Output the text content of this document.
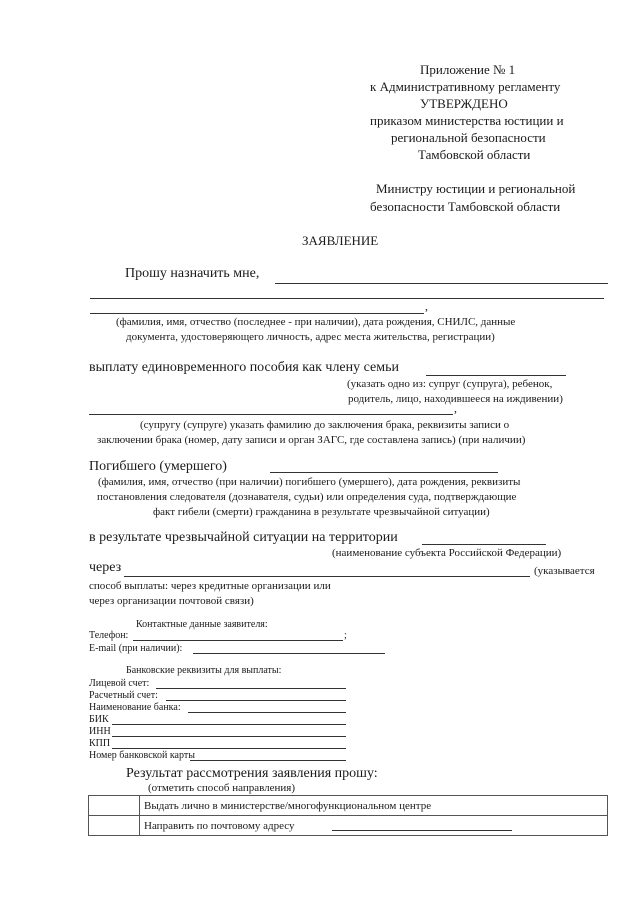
Приложение № 1
к Административному регламенту
УТВЕРЖДЕНО
приказом министерства юстиции и
региональной безопасности
Тамбовской области
Министру юстиции и региональной
безопасности Тамбовской области
ЗАЯВЛЕНИЕ
Прошу назначить мне,
,
(фамилия, имя, отчество (последнее - при наличии), дата рождения, СНИЛС, данные
документа, удостоверяющего личность, адрес места жительства, регистрации)
выплату единовременного пособия как члену семьи
(указать одно из: супруг (супруга), ребенок,
родитель, лицо, находившееся на иждивении)
,
(супругу (супруге) указать фамилию до заключения брака, реквизиты записи о
заключении брака (номер, дату записи и орган ЗАГС, где составлена запись) (при наличии)
Погибшего (умершего)
(фамилия, имя, отчество (при наличии) погибшего (умершего), дата рождения, реквизиты
постановления следователя (дознавателя, судьи) или определения суда, подтверждающие
факт гибели (смерти) гражданина в результате чрезвычайной ситуации)
в результате чрезвычайной ситуации на территории
(наименование субъекта Российской Федерации)
через	(указывается
способ выплаты: через кредитные организации или
через организации почтовой связи)
Контактные данные заявителя:
Телефон:	;
E-mail (при наличии):
Банковские реквизиты для выплаты:
Лицевой счет:
Расчетный счет:
Наименование банка:
БИК
ИНН
КПП
Номер банковской карты
Результат рассмотрения заявления прошу:
(отметить способ направления)
	Выдать лично в министерстве/многофункциональном центре
	Направить по почтовому адресу
